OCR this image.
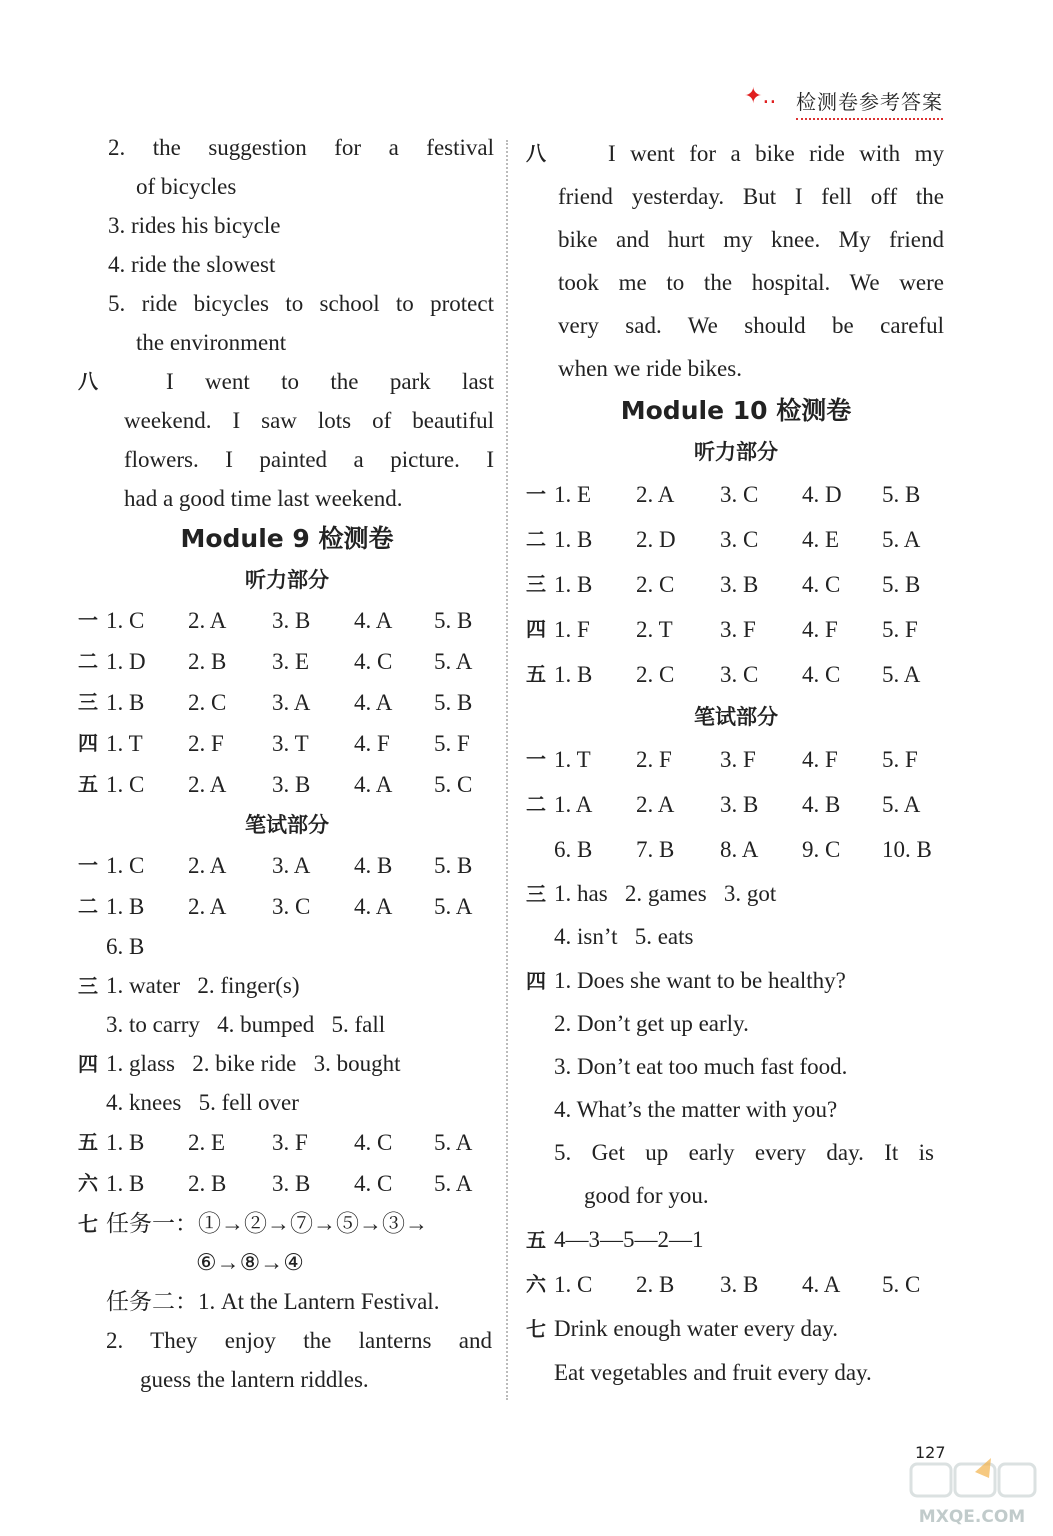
✦.. 检测卷参考答案
2. the suggestion for a festival
of bicycles
3. rides his bicycle
4. ride the slowest
5. ride bicycles to school to protect
the environment
八	I went to the park last
weekend. I saw lots of beautiful
flowers. I painted a picture. I
had a good time last weekend.
Module 9 检测卷
听力部分
一 1. C	2. A	3. B	4. A	5. B
二 1. D	2. B	3. E	4. C	5. A
三 1. B	2. C	3. A	4. A	5. B
四 1. T	2. F	3. T	4. F	5. F
五 1. C	2. A	3. B	4. A	5. C
笔试部分
一 1. C	2. A	3. A	4. B	5. B
二 1. B	2. A	3. C	4. A	5. A
6. B
三 1. water   2. finger(s)
3. to carry   4. bumped   5. fall
四 1. glass   2. bike ride   3. bought
4. knees   5. fell over
五 1. B	2. E	3. F	4. C	5. A
六 1. B	2. B	3. B	4. C	5. A
七 任务一：①→②→⑦→⑤→③→
⑥→⑧→④
任务二：1. At the Lantern Festival.
2. They enjoy the lanterns and
guess the lantern riddles.
八	I went for a bike ride with my
friend yesterday. But I fell off the
bike and hurt my knee. My friend
took me to the hospital. We were
very sad. We should be careful
when we ride bikes.
Module 10 检测卷
听力部分
一 1. E	2. A	3. C	4. D	5. B
二 1. B	2. D	3. C	4. E	5. A
三 1. B	2. C	3. B	4. C	5. B
四 1. F	2. T	3. F	4. F	5. F
五 1. B	2. C	3. C	4. C	5. A
笔试部分
一 1. T	2. F	3. F	4. F	5. F
二 1. A	2. A	3. B	4. B	5. A
6. B	7. B	8. A	9. C	10. B
三 1. has   2. games   3. got
4. isn’t   5. eats
四 1. Does she want to be healthy?
2. Don’t get up early.
3. Don’t eat too much fast food.
4. What’s the matter with you?
5. Get up early every day. It is
good for you.
五 4—3—5—2—1
六 1. C	2. B	3. B	4. A	5. C
七 Drink enough water every day.
Eat vegetables and fruit every day.
127
MXQE.COM
